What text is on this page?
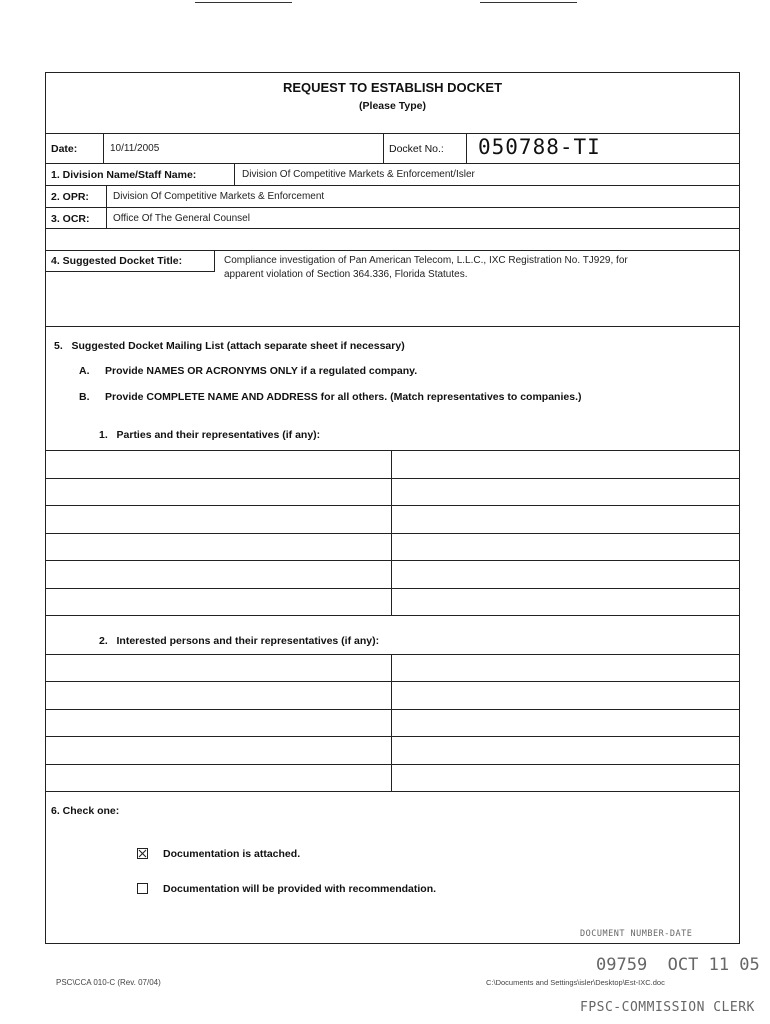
REQUEST TO ESTABLISH DOCKET
(Please Type)
Date:	10/11/2005	Docket No.: 050788-TI
1. Division Name/Staff Name:	Division Of Competitive Markets & Enforcement/Isler
2. OPR: Division Of Competitive Markets & Enforcement
3. OCR: Office Of The General Counsel
4. Suggested Docket Title:	Compliance investigation of Pan American Telecom, L.L.C., IXC Registration No. TJ929, for
apparent violation of Section 364.336, Florida Statutes.
5.   Suggested Docket Mailing List (attach separate sheet if necessary)
A. Provide NAMES OR ACRONYMS ONLY if a regulated company.
B. Provide COMPLETE NAME AND ADDRESS for all others. (Match representatives to companies.)
1.   Parties and their representatives (if any):
2.   Interested persons and their representatives (if any):
6. Check one:
Documentation is attached.
Documentation will be provided with recommendation.
DOCUMENT NUMBER-DATE
09759  OCT 11 05
PSC\CCA 010-C (Rev. 07/04)	C:\Documents and Settings\isler\Desktop\Est-IXC.doc
FPSC-COMMISSION CLERK
